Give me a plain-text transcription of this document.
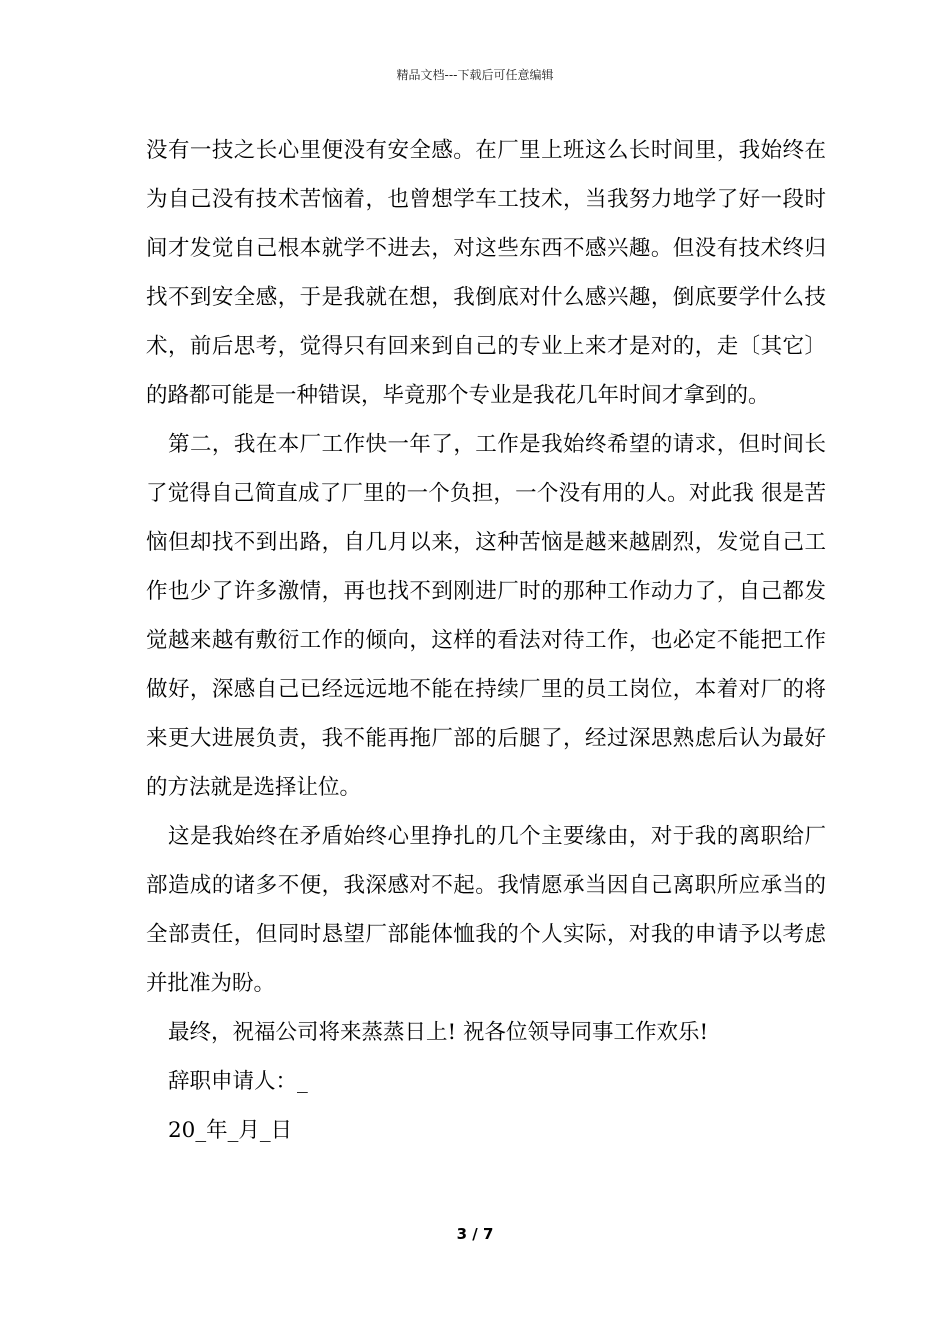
精品文档---下载后可任意编辑

没有一技之长心里便没有安全感。在厂里上班这么长时间里，我始终在为自己没有技术苦恼着，也曾想学车工技术，当我努力地学了好一段时间才发觉自己根本就学不进去，对这些东西不感兴趣。但没有技术终归找不到安全感，于是我就在想，我倒底对什么感兴趣，倒底要学什么技术，前后思考，觉得只有回来到自己的专业上来才是对的，走〔其它〕的路都可能是一种错误，毕竟那个专业是我花几年时间才拿到的。

第二，我在本厂工作快一年了，工作是我始终希望的请求，但时间长了觉得自己简直成了厂里的一个负担，一个没有用的人。对此我 很是苦恼但却找不到出路，自几月以来，这种苦恼是越来越剧烈，发觉自己工作也少了许多激情，再也找不到刚进厂时的那种工作动力了，自己都发觉越来越有敷衍工作的倾向，这样的看法对待工作，也必定不能把工作做好，深感自己已经远远地不能在持续厂里的员工岗位，本着对厂的将来更大进展负责，我不能再拖厂部的后腿了，经过深思熟虑后认为最好的方法就是选择让位。

这是我始终在矛盾始终心里挣扎的几个主要缘由，对于我的离职给厂部造成的诸多不便，我深感对不起。我情愿承当因自己离职所应承当的全部责任，但同时恳望厂部能体恤我的个人实际，对我的申请予以考虑并批准为盼。

最终，祝福公司将来蒸蒸日上! 祝各位领导同事工作欢乐!

辞职申请人：_

20_年_月_日

3 / 7
